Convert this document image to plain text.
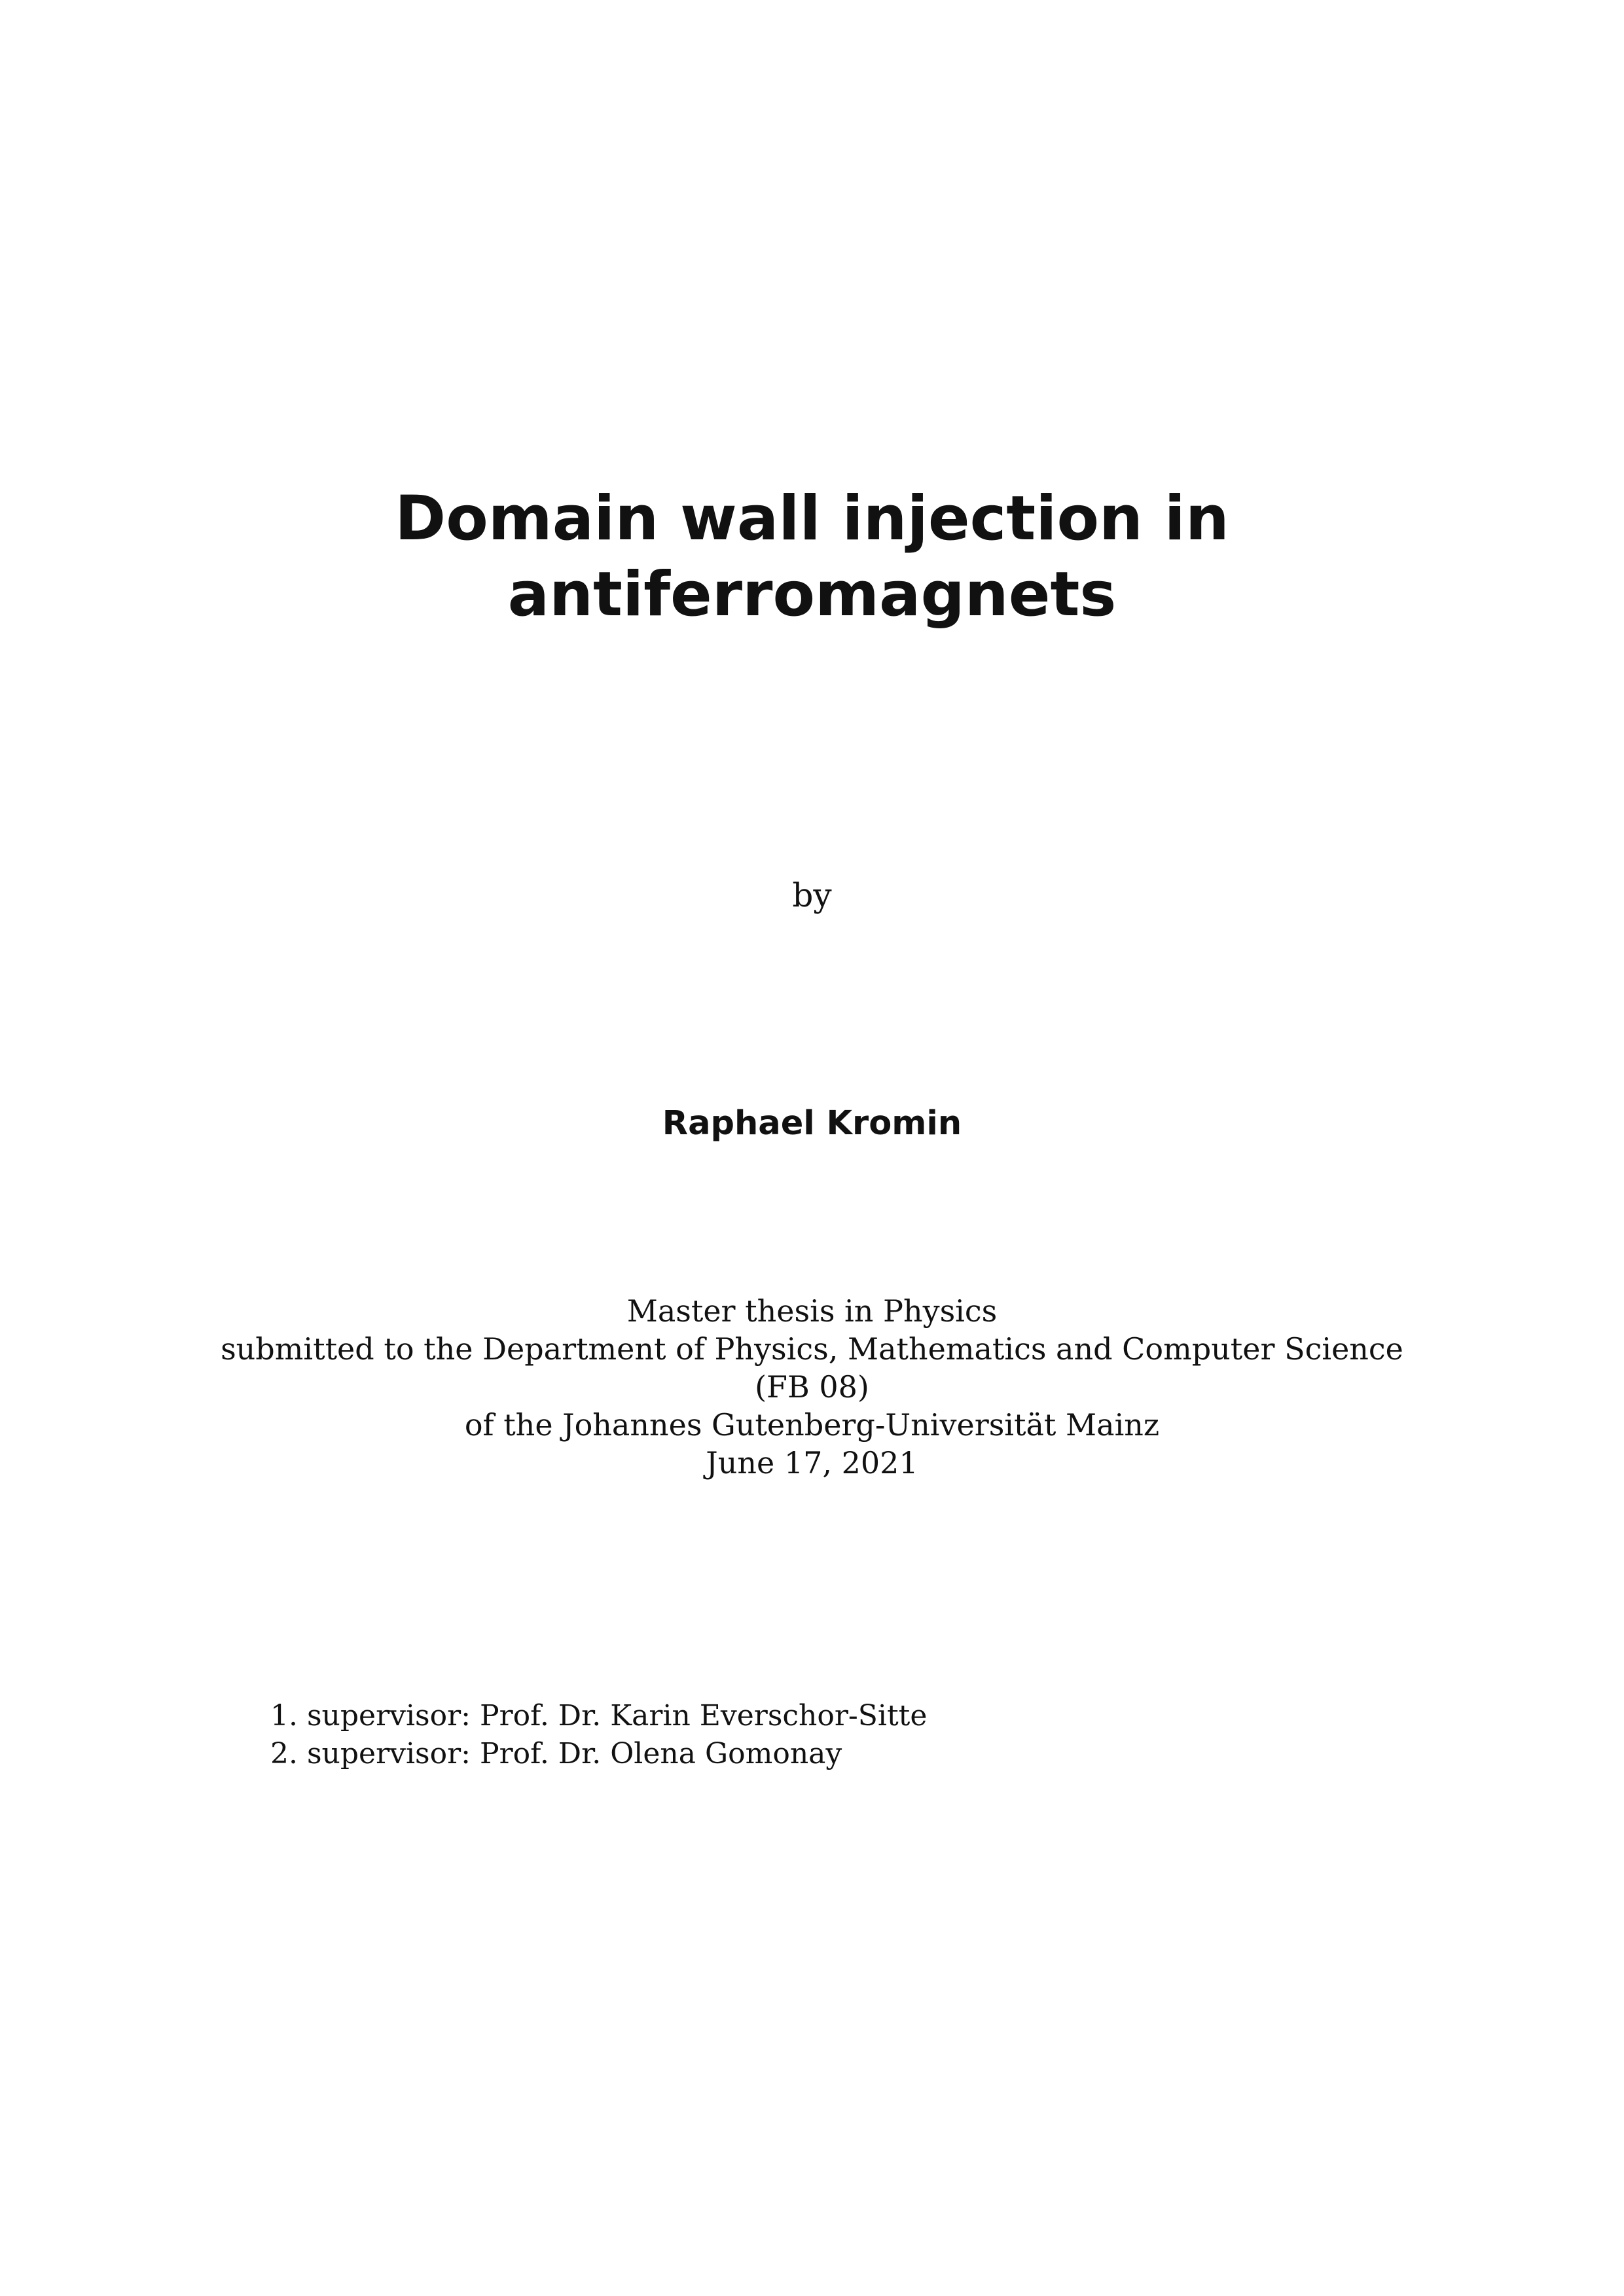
Domain wall injection in
antiferromagnets
by
Raphael Kromin
Master thesis in Physics
submitted to the Department of Physics, Mathematics and Computer Science
(FB 08)
of the Johannes Gutenberg-Universität Mainz
June 17, 2021
1. supervisor: Prof. Dr. Karin Everschor-Sitte
2. supervisor: Prof. Dr. Olena Gomonay
